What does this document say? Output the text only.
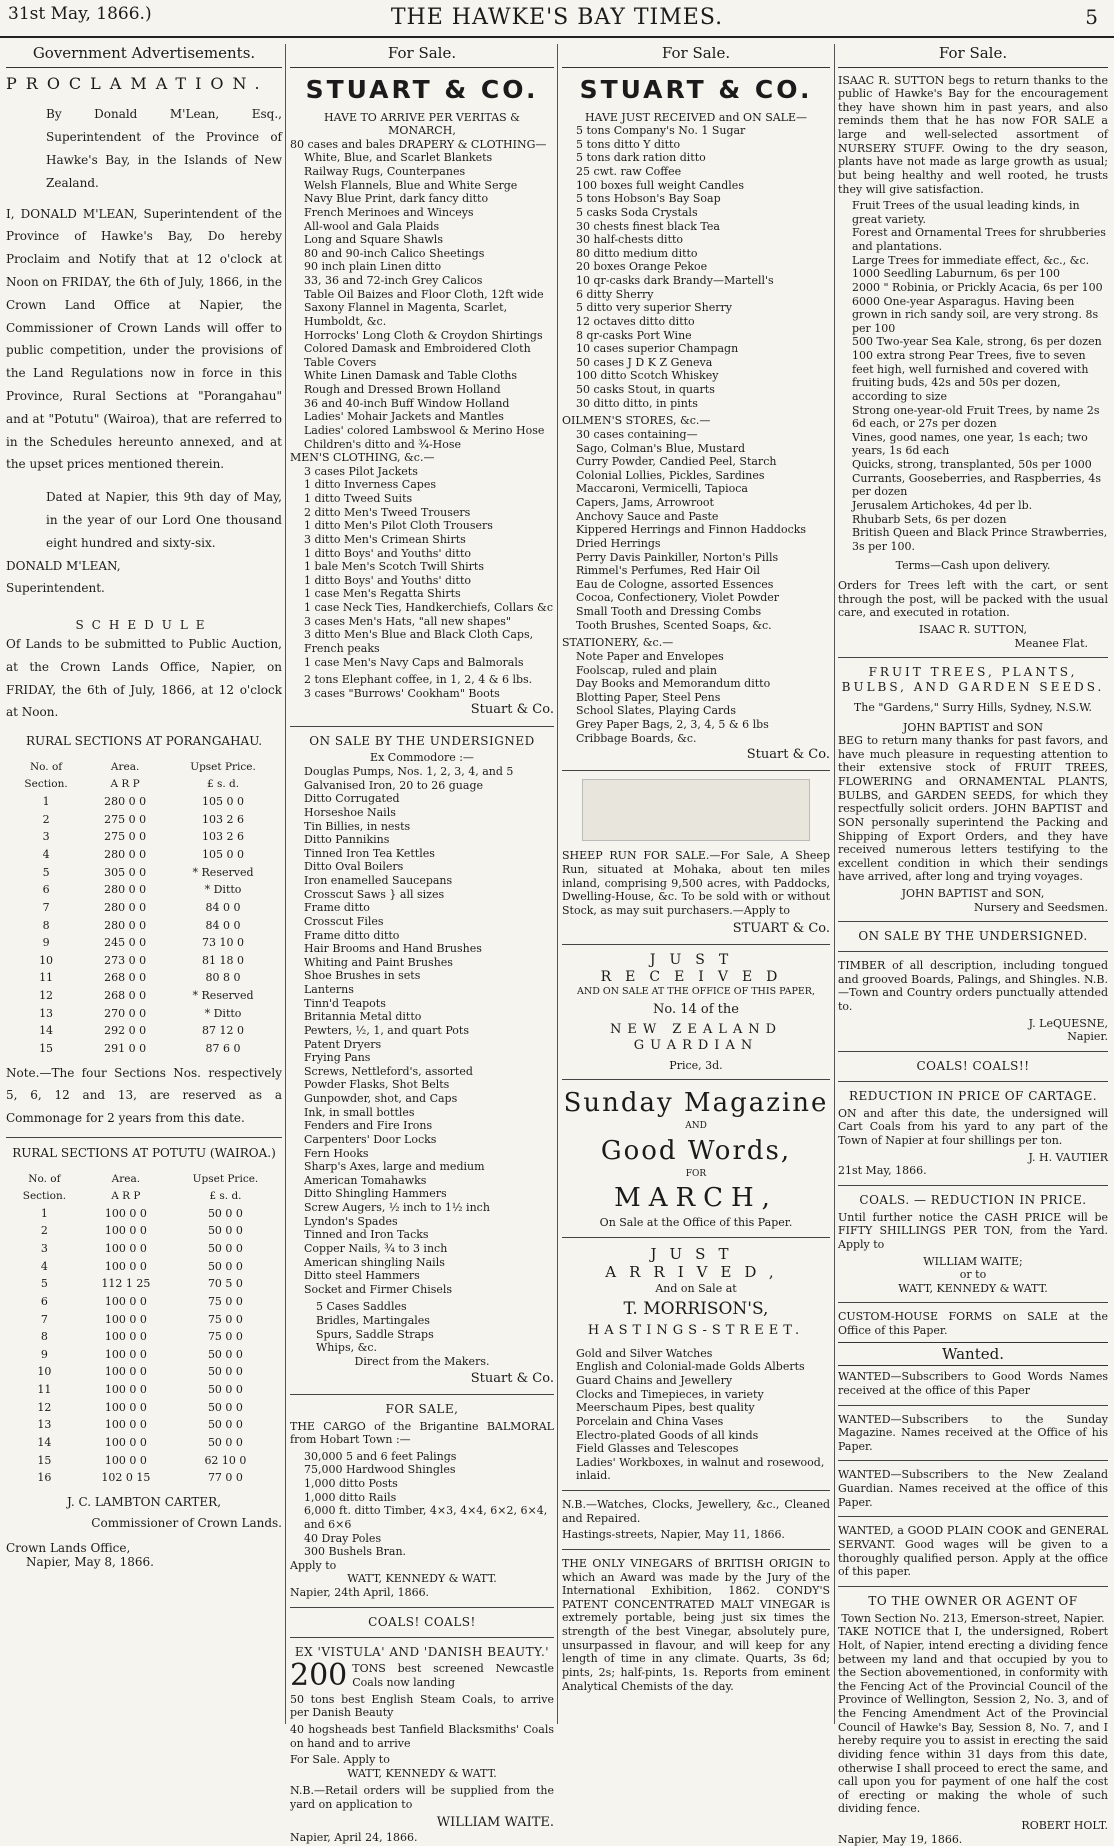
31st May, 1866.)	THE HAWKE'S BAY TIMES.	5
Government Advertisements.
PROCLAMATION.
By Donald M'Lean, Esq., Superintendent of the Province of Hawke's Bay, in the Islands of New Zealand.
I, DONALD M'LEAN, Superintendent of the Province of Hawke's Bay, Do hereby Proclaim and Notify that at 12 o'clock at Noon on FRIDAY, the 6th of July, 1866, in the Crown Land Office at Napier, the Commissioner of Crown Lands will offer to public competition, under the provisions of the Land Regulations now in force in this Province, Rural Sections at "Porangahau" and at "Potutu" (Wairoa), that are referred to in the Schedules hereunto annexed, and at the upset prices mentioned therein.
Dated at Napier, this 9th day of May, in the year of our Lord One thousand eight hundred and sixty-six.
DONALD M'LEAN,
Superintendent.
SCHEDULE
Of Lands to be submitted to Public Auction, at the Crown Lands Office, Napier, on FRIDAY, the 6th of July, 1866, at 12 o'clock at Noon.
RURAL SECTIONS AT PORANGAHAU.
No. of	Area.	Upset Price.
Section.	A R P	£ s. d.
1	280 0 0	105 0 0
2	275 0 0	103 2 6
3	275 0 0	103 2 6
4	280 0 0	105 0 0
5	305 0 0	* Reserved
6	280 0 0	* Ditto
7	280 0 0	84 0 0
8	280 0 0	84 0 0
9	245 0 0	73 10 0
10	273 0 0	81 18 0
11	268 0 0	80 8 0
12	268 0 0	* Reserved
13	270 0 0	* Ditto
14	292 0 0	87 12 0
15	291 0 0	87 6 0
Note.—The four Sections Nos. respectively 5, 6, 12 and 13, are reserved as a Commonage for 2 years from this date.
RURAL SECTIONS AT POTUTU (WAIROA.)
No. of	Area.	Upset Price.
Section.	A R P	£ s. d.
1	100 0 0	50 0 0
2	100 0 0	50 0 0
3	100 0 0	50 0 0
4	100 0 0	50 0 0
5	112 1 25	70 5 0
6	100 0 0	75 0 0
7	100 0 0	75 0 0
8	100 0 0	75 0 0
9	100 0 0	50 0 0
10	100 0 0	50 0 0
11	100 0 0	50 0 0
12	100 0 0	50 0 0
13	100 0 0	50 0 0
14	100 0 0	50 0 0
15	100 0 0	62 10 0
16	102 0 15	77 0 0
J. C. LAMBTON CARTER,
Commissioner of Crown Lands.
Crown Lands Office,
Napier, May 8, 1866.
For Sale.
STUART & CO.
HAVE TO ARRIVE PER VERITAS & MONARCH,
80 cases and bales DRAPERY & CLOTHING—
White, Blue, and Scarlet Blankets
Railway Rugs, Counterpanes
Welsh Flannels, Blue and White Serge
Navy Blue Print, dark fancy ditto
French Merinoes and Winceys
All-wool and Gala Plaids
Long and Square Shawls
80 and 90-inch Calico Sheetings
90 inch plain Linen ditto
33, 36 and 72-inch Grey Calicos
Table Oil Baizes and Floor Cloth, 12ft wide
Saxony Flannel in Magenta, Scarlet, Humboldt, &c.
Horrocks' Long Cloth & Croydon Shirtings
Colored Damask and Embroidered Cloth Table Covers
White Linen Damask and Table Cloths
Rough and Dressed Brown Holland
36 and 40-inch Buff Window Holland
Ladies' Mohair Jackets and Mantles
Ladies' colored Lambswool & Merino Hose
Children's ditto and ¾-Hose
MEN'S CLOTHING, &c.—
3 cases Pilot Jackets
1 ditto Inverness Capes
1 ditto Tweed Suits
2 ditto Men's Tweed Trousers
1 ditto Men's Pilot Cloth Trousers
3 ditto Men's Crimean Shirts
1 ditto Boys' and Youths' ditto
1 bale Men's Scotch Twill Shirts
1 ditto Boys' and Youths' ditto
1 case Men's Regatta Shirts
1 case Neck Ties, Handkerchiefs, Collars &c
3 cases Men's Hats, "all new shapes"
3 ditto Men's Blue and Black Cloth Caps, French peaks
1 case Men's Navy Caps and Balmorals
2 tons Elephant coffee, in 1, 2, 4 & 6 lbs.
3 cases "Burrows' Cookham" Boots
Stuart & Co.
ON SALE BY THE UNDERSIGNED
Ex Commodore :—
Douglas Pumps, Nos. 1, 2, 3, 4, and 5
Galvanised Iron, 20 to 26 guage
Ditto Corrugated
Horseshoe Nails
Tin Billies, in nests
Ditto Pannikins
Tinned Iron Tea Kettles
Ditto Oval Boilers
Iron enamelled Saucepans
Crosscut Saws } all sizes
Frame ditto
Crosscut Files
Frame ditto ditto
Hair Brooms and Hand Brushes
Whiting and Paint Brushes
Shoe Brushes in sets
Lanterns
Tinn'd Teapots
Britannia Metal ditto
Pewters, ½, 1, and quart Pots
Patent Dryers
Frying Pans
Screws, Nettleford's, assorted
Powder Flasks, Shot Belts
Gunpowder, shot, and Caps
Ink, in small bottles
Fenders and Fire Irons
Carpenters' Door Locks
Fern Hooks
Sharp's Axes, large and medium
American Tomahawks
Ditto Shingling Hammers
Screw Augers, ½ inch to 1½ inch
Lyndon's Spades
Tinned and Iron Tacks
Copper Nails, ¾ to 3 inch
American shingling Nails
Ditto steel Hammers
Socket and Firmer Chisels
5 Cases Saddles
Bridles, Martingales
Spurs, Saddle Straps
Whips, &c.
Direct from the Makers.
Stuart & Co.
FOR SALE,
THE CARGO of the Brigantine BALMORAL from Hobart Town :—
30,000 5 and 6 feet Palings
75,000 Hardwood Shingles
1,000 ditto Posts
1,000 ditto Rails
6,000 ft. ditto Timber, 4×3, 4×4, 6×2, 6×4, and 6×6
40 Dray Poles
300 Bushels Bran.
Apply to
WATT, KENNEDY & WATT.
Napier, 24th April, 1866.
COALS! COALS!
EX 'VISTULA' AND 'DANISH BEAUTY.'
200 TONS best screened Newcastle Coals now landing
50 tons best English Steam Coals, to arrive per Danish Beauty
40 hogsheads best Tanfield Blacksmiths' Coals on hand and to arrive
For Sale. Apply to
WATT, KENNEDY & WATT.
N.B.—Retail orders will be supplied from the yard on application to
WILLIAM WAITE.
Napier, April 24, 1866.
For Sale.
STUART & CO.
HAVE JUST RECEIVED and ON SALE—
5 tons Company's No. 1 Sugar
5 tons ditto Y ditto
5 tons dark ration ditto
25 cwt. raw Coffee
100 boxes full weight Candles
5 tons Hobson's Bay Soap
5 casks Soda Crystals
30 chests finest black Tea
30 half-chests ditto
80 ditto medium ditto
20 boxes Orange Pekoe
10 qr-casks dark Brandy—Martell's
6 ditty Sherry
5 ditto very superior Sherry
12 octaves ditto ditto
8 qr-casks Port Wine
10 cases superior Champagn
50 cases J D K Z Geneva
100 ditto Scotch Whiskey
50 casks Stout, in quarts
30 ditto ditto, in pints
OILMEN'S STORES, &c.—
30 cases containing—
Sago, Colman's Blue, Mustard
Curry Powder, Candied Peel, Starch
Colonial Lollies, Pickles, Sardines
Maccaroni, Vermicelli, Tapioca
Capers, Jams, Arrowroot
Anchovy Sauce and Paste
Kippered Herrings and Finnon Haddocks
Dried Herrings
Perry Davis Painkiller, Norton's Pills
Rimmel's Perfumes, Red Hair Oil
Eau de Cologne, assorted Essences
Cocoa, Confectionery, Violet Powder
Small Tooth and Dressing Combs
Tooth Brushes, Scented Soaps, &c.
STATIONERY, &c.—
Note Paper and Envelopes
Foolscap, ruled and plain
Day Books and Memorandum ditto
Blotting Paper, Steel Pens
School Slates, Playing Cards
Grey Paper Bags, 2, 3, 4, 5 & 6 lbs
Cribbage Boards, &c.
Stuart & Co.
SHEEP RUN FOR SALE.—For Sale, A Sheep Run, situated at Mohaka, about ten miles inland, comprising 9,500 acres, with Paddocks, Dwelling-House, &c. To be sold with or without Stock, as may suit purchasers.—Apply to
STUART & Co.
JUST RECEIVED
AND ON SALE AT THE OFFICE OF THIS PAPER,
No. 14 of the
NEW ZEALAND GUARDIAN
Price, 3d.
Sunday Magazine
AND
Good Words,
FOR
MARCH,
On Sale at the Office of this Paper.
JUST ARRIVED,
And on Sale at
T. MORRISON'S,
HASTINGS-STREET.
Gold and Silver Watches
English and Colonial-made Golds Alberts
Guard Chains and Jewellery
Clocks and Timepieces, in variety
Meerschaum Pipes, best quality
Porcelain and China Vases
Electro-plated Goods of all kinds
Field Glasses and Telescopes
Ladies' Workboxes, in walnut and rosewood, inlaid.
N.B.—Watches, Clocks, Jewellery, &c., Cleaned and Repaired.
Hastings-streets, Napier, May 11, 1866.
THE ONLY VINEGARS of BRITISH ORIGIN to which an Award was made by the Jury of the International Exhibition, 1862. CONDY'S PATENT CONCENTRATED MALT VINEGAR is extremely portable, being just six times the strength of the best Vinegar, absolutely pure, unsurpassed in flavour, and will keep for any length of time in any climate. Quarts, 3s 6d; pints, 2s; half-pints, 1s. Reports from eminent Analytical Chemists of the day.
For Sale.
ISAAC R. SUTTON begs to return thanks to the public of Hawke's Bay for the encouragement they have shown him in past years, and also reminds them that he has now FOR SALE a large and well-selected assortment of NURSERY STUFF. Owing to the dry season, plants have not made as large growth as usual; but being healthy and well rooted, he trusts they will give satisfaction.
Fruit Trees of the usual leading kinds, in great variety.
Forest and Ornamental Trees for shrubberies and plantations.
Large Trees for immediate effect, &c., &c.
1000 Seedling Laburnum, 6s per 100
2000 " Robinia, or Prickly Acacia, 6s per 100
6000 One-year Asparagus. Having been grown in rich sandy soil, are very strong. 8s per 100
500 Two-year Sea Kale, strong, 6s per dozen
100 extra strong Pear Trees, five to seven feet high, well furnished and covered with fruiting buds, 42s and 50s per dozen, according to size
Strong one-year-old Fruit Trees, by name 2s 6d each, or 27s per dozen
Vines, good names, one year, 1s each; two years, 1s 6d each
Quicks, strong, transplanted, 50s per 1000
Currants, Gooseberries, and Raspberries, 4s per dozen
Jerusalem Artichokes, 4d per lb.
Rhubarb Sets, 6s per dozen
British Queen and Black Prince Strawberries, 3s per 100.
Terms—Cash upon delivery.
Orders for Trees left with the cart, or sent through the post, will be packed with the usual care, and executed in rotation.
ISAAC R. SUTTON,
Meanee Flat.
FRUIT TREES, PLANTS, BULBS, AND GARDEN SEEDS.
The "Gardens," Surry Hills, Sydney, N.S.W.
JOHN BAPTIST and SON
BEG to return many thanks for past favors, and have much pleasure in requesting attention to their extensive stock of FRUIT TREES, FLOWERING and ORNAMENTAL PLANTS, BULBS, and GARDEN SEEDS, for which they respectfully solicit orders. JOHN BAPTIST and SON personally superintend the Packing and Shipping of Export Orders, and they have received numerous letters testifying to the excellent condition in which their sendings have arrived, after long and trying voyages.
JOHN BAPTIST and SON,
Nursery and Seedsmen.
ON SALE BY THE UNDERSIGNED.
TIMBER of all description, including tongued and grooved Boards, Palings, and Shingles. N.B.—Town and Country orders punctually attended to.
J. LeQUESNE,
Napier.
COALS! COALS!!
REDUCTION IN PRICE OF CARTAGE.
ON and after this date, the undersigned will Cart Coals from his yard to any part of the Town of Napier at four shillings per ton.
J. H. VAUTIER
21st May, 1866.
COALS. — REDUCTION IN PRICE.
Until further notice the CASH PRICE will be FIFTY SHILLINGS PER TON, from the Yard. Apply to
WILLIAM WAITE;
or to
WATT, KENNEDY & WATT.
CUSTOM-HOUSE FORMS on SALE at the Office of this Paper.
Wanted.
WANTED—Subscribers to Good Words Names received at the office of this Paper
WANTED—Subscribers to the Sunday Magazine. Names received at the Office of his Paper.
WANTED—Subscribers to the New Zealand Guardian. Names received at the office of this Paper.
WANTED, a GOOD PLAIN COOK and GENERAL SERVANT. Good wages will be given to a thoroughly qualified person. Apply at the office of this paper.
TO THE OWNER OR AGENT OF
Town Section No. 213, Emerson-street, Napier.
TAKE NOTICE that I, the undersigned, Robert Holt, of Napier, intend erecting a dividing fence between my land and that occupied by you to the Section abovementioned, in conformity with the Fencing Act of the Provincial Council of the Province of Wellington, Session 2, No. 3, and of the Fencing Amendment Act of the Provincial Council of Hawke's Bay, Session 8, No. 7, and I hereby require you to assist in erecting the said dividing fence within 31 days from this date, otherwise I shall proceed to erect the same, and call upon you for payment of one half the cost of erecting or making the whole of such dividing fence.
ROBERT HOLT.
Napier, May 19, 1866.
